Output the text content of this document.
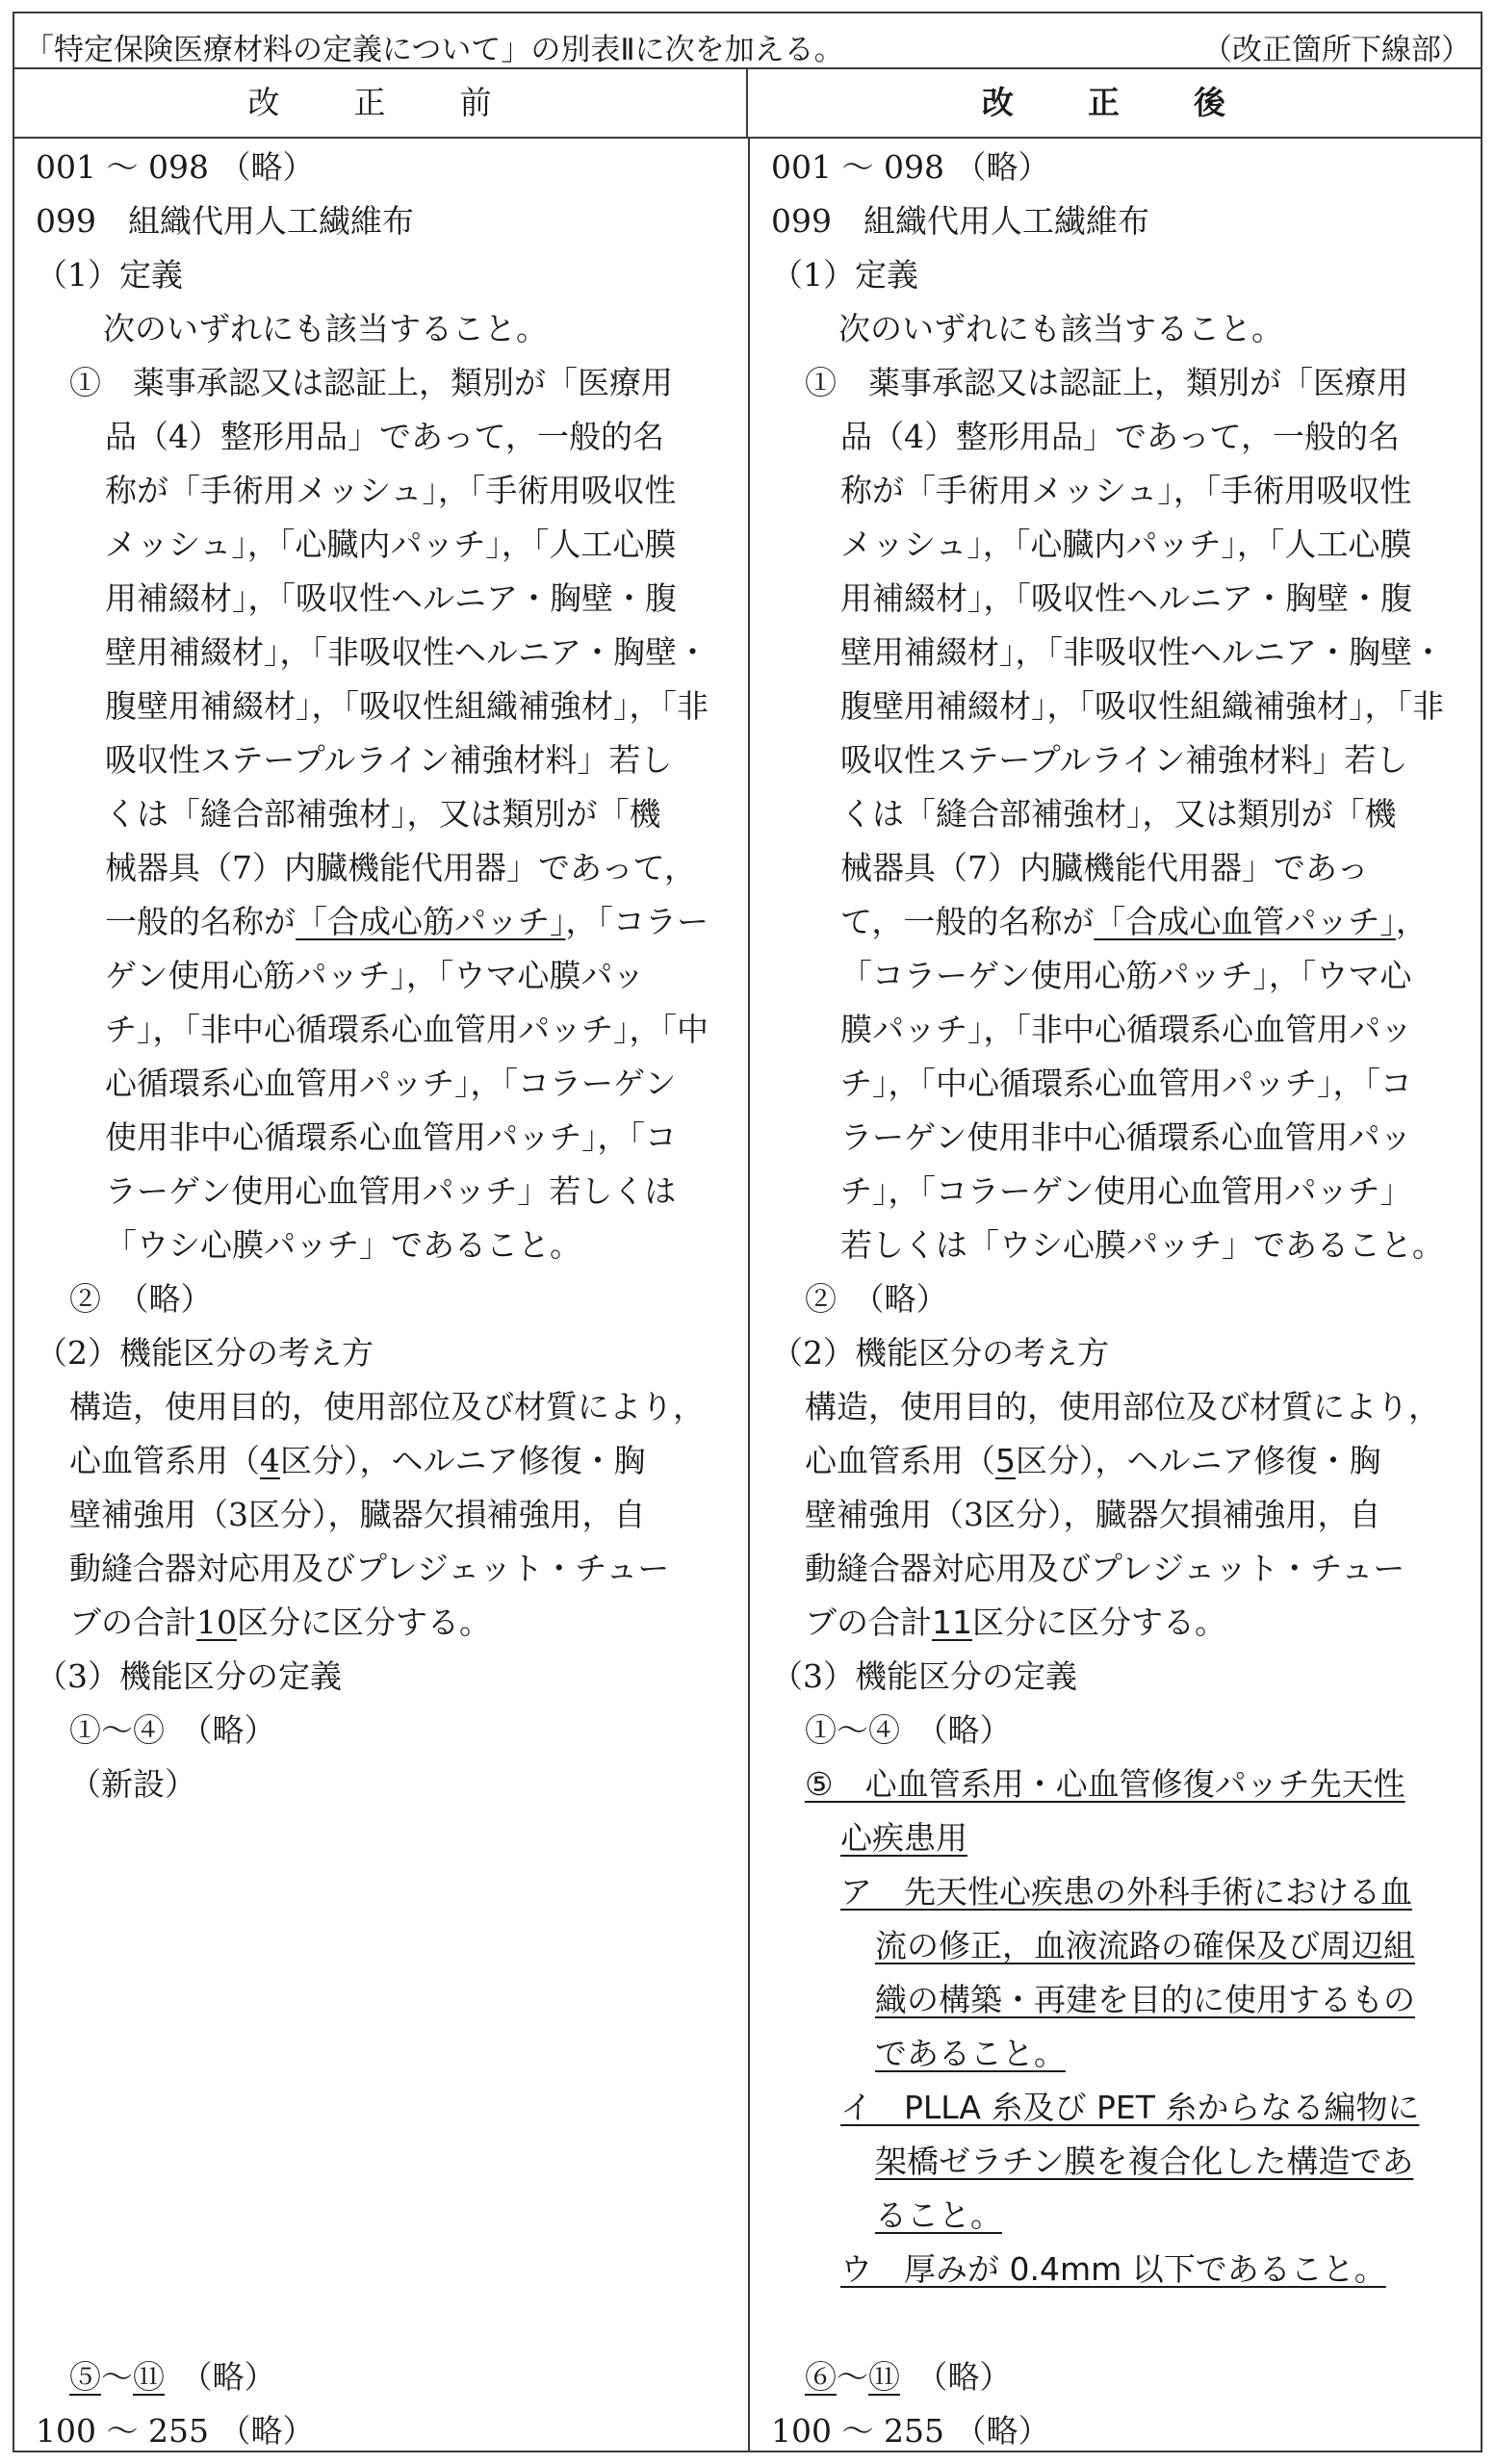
「特定保険医療材料の定義について」の別表Ⅱに次を加える。	（改正箇所下線部）
改　正　前	改　正　後
001 ～ 098 （略）
099　組織代用人工繊維布
（1）定義
次のいずれにも該当すること。
①　薬事承認又は認証上，類別が「医療用
品（4）整形用品」であって，一般的名
称が「手術用メッシュ」，「手術用吸収性
メッシュ」，「心臓内パッチ」，「人工心膜
用補綴材」，「吸収性ヘルニア・胸壁・腹
壁用補綴材」，「非吸収性ヘルニア・胸壁・
腹壁用補綴材」，「吸収性組織補強材」，「非
吸収性ステープルライン補強材料」若し
くは「縫合部補強材」，又は類別が「機
械器具（7）内臓機能代用器」であって，
一般的名称が「合成心筋パッチ」，「コラー
ゲン使用心筋パッチ」，「ウマ心膜パッ
チ」，「非中心循環系心血管用パッチ」，「中
心循環系心血管用パッチ」，「コラーゲン
使用非中心循環系心血管用パッチ」，「コ
ラーゲン使用心血管用パッチ」若しくは
「ウシ心膜パッチ」であること。
②　（略）
（2）機能区分の考え方
構造，使用目的，使用部位及び材質により，
心血管系用（4区分），ヘルニア修復・胸
壁補強用（3区分），臓器欠損補強用，自
動縫合器対応用及びプレジェット・チュー
ブの合計10区分に区分する。
（3）機能区分の定義
①～④　（略）
（新設）
⑤～⑪　（略）
100 ～ 255 （略）
001 ～ 098 （略）
099　組織代用人工繊維布
（1）定義
次のいずれにも該当すること。
①　薬事承認又は認証上，類別が「医療用
品（4）整形用品」であって，一般的名
称が「手術用メッシュ」，「手術用吸収性
メッシュ」，「心臓内パッチ」，「人工心膜
用補綴材」，「吸収性ヘルニア・胸壁・腹
壁用補綴材」，「非吸収性ヘルニア・胸壁・
腹壁用補綴材」，「吸収性組織補強材」，「非
吸収性ステープルライン補強材料」若し
くは「縫合部補強材」，又は類別が「機
械器具（7）内臓機能代用器」であっ
て，一般的名称が「合成心血管パッチ」，
「コラーゲン使用心筋パッチ」，「ウマ心
膜パッチ」，「非中心循環系心血管用パッ
チ」，「中心循環系心血管用パッチ」，「コ
ラーゲン使用非中心循環系心血管用パッ
チ」，「コラーゲン使用心血管用パッチ」
若しくは「ウシ心膜パッチ」であること。
②　（略）
（2）機能区分の考え方
構造，使用目的，使用部位及び材質により，
心血管系用（5区分），ヘルニア修復・胸
壁補強用（3区分），臓器欠損補強用，自
動縫合器対応用及びプレジェット・チュー
ブの合計11区分に区分する。
（3）機能区分の定義
①～④　（略）
⑤　心血管系用・心血管修復パッチ先天性
心疾患用
ア　先天性心疾患の外科手術における血
流の修正，血液流路の確保及び周辺組
織の構築・再建を目的に使用するもの
であること。
イ　PLLA 糸及び PET 糸からなる編物に
架橋ゼラチン膜を複合化した構造であ
ること。
ウ　厚みが 0.4mm 以下であること。
⑥～⑪　（略）
100 ～ 255 （略）
